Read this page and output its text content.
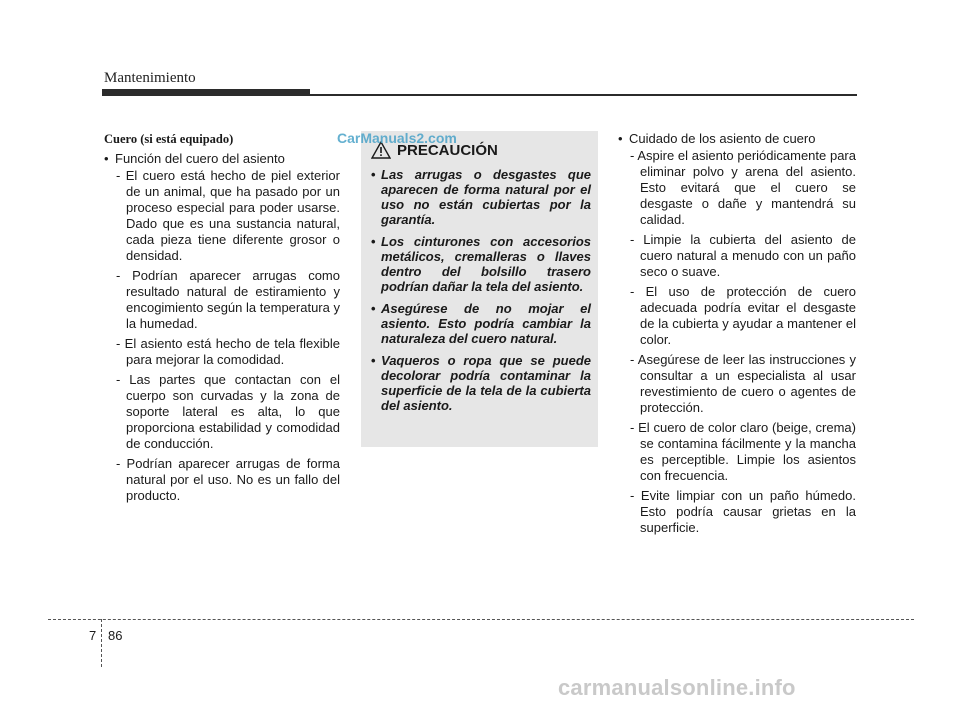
Mantenimiento
Cuero (si está equipado)
• Función del cuero del asiento
- El cuero está hecho de piel exterior de un animal, que ha pasado por un proceso especial para poder usarse. Dado que es una sustancia natural, cada pieza tiene diferente grosor o densidad.
- Podrían aparecer arrugas como resultado natural de estiramiento y encogimiento según la temperatura y la humedad.
- El asiento está hecho de tela flexible para mejorar la comodidad.
- Las partes que contactan con el cuerpo son curvadas y la zona de soporte lateral es alta, lo que proporciona estabilidad y comodidad de conducción.
- Podrían aparecer arrugas de forma natural por el uso. No es un fallo del producto.
PRECAUCIÓN
• Las arrugas o desgastes que aparecen de forma natural por el uso no están cubiertas por la garantía.
• Los cinturones con accesorios metálicos, cremalleras o llaves dentro del bolsillo trasero podrían dañar la tela del asiento.
• Asegúrese de no mojar el asiento. Esto podría cambiar la naturaleza del cuero natural.
• Vaqueros o ropa que se puede decolorar podría contaminar la superficie de la tela de la cubierta del asiento.
CarManuals2.com
•	Cuidado de los asiento de cuero
- Aspire el asiento periódicamente para eliminar polvo y arena del asiento. Esto evitará que el cuero se desgaste o dañe y mantendrá su calidad.
- Limpie la cubierta del asiento de cuero natural a menudo con un paño seco o suave.
- El uso de protección de cuero adecuada podría evitar el desgaste de la cubierta y ayudar a mantener el color.
- Asegúrese de leer las instrucciones y consultar a un especialista al usar revestimiento de cuero o agentes de protección.
- El cuero de color claro (beige, crema) se contamina fácilmente y la mancha es perceptible. Limpie los asientos con frecuencia.
- Evite limpiar con un paño húmedo. Esto podría causar grietas en la superficie.
7 86
carmanualsonline.info
